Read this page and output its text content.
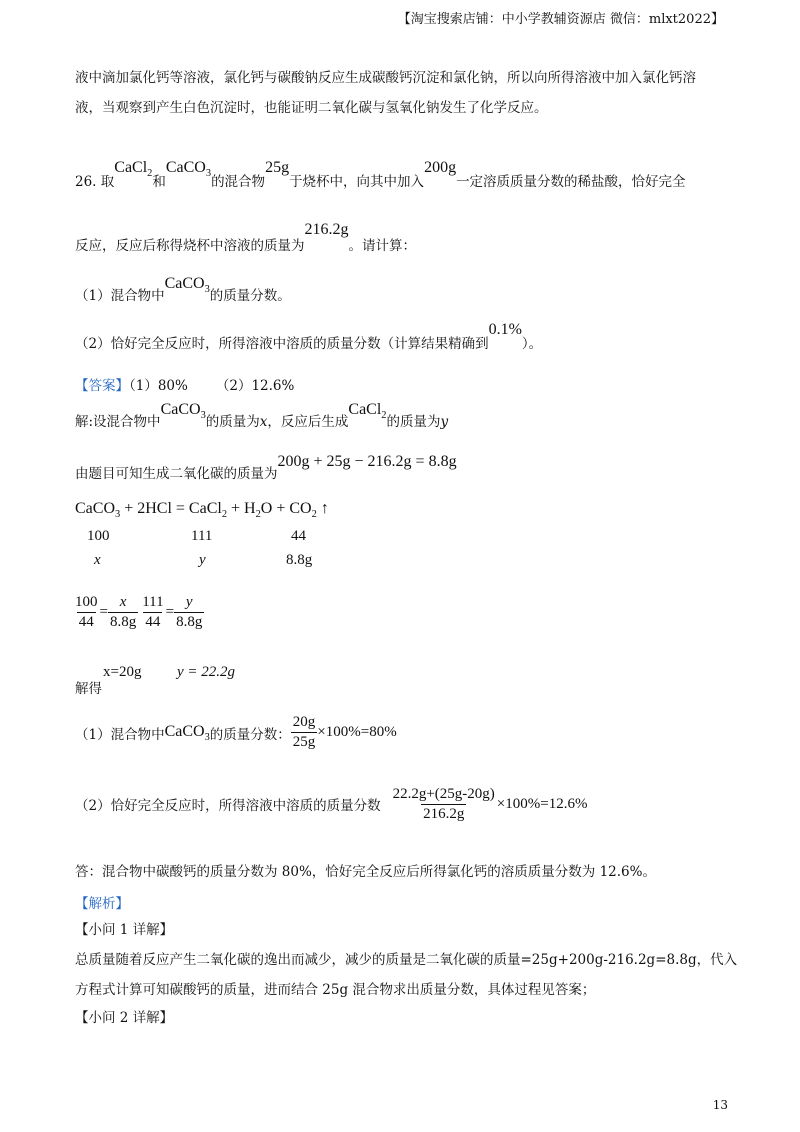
【淘宝搜索店铺：中小学教辅资源店 微信：mlxt2022】
液中滴加氯化钙等溶液，氯化钙与碳酸钠反应生成碳酸钙沉淀和氯化钠，所以向所得溶液中加入氯化钙溶
液，当观察到产生白色沉淀时，也能证明二氧化碳与氢氧化钠发生了化学反应。
26. 取CaCl$_2$和CaCO$_3$的混合物25g于烧杯中，向其中加入200g一定溶质质量分数的稀盐酸，恰好完全
反应，反应后称得烧杯中溶液的质量为216.2g。请计算：
（1）混合物中CaCO$_3$的质量分数。
（2）恰好完全反应时，所得溶液中溶质的质量分数（计算结果精确到0.1%）。
【答案】（1）80% （2）12.6%
解:设混合物中CaCO$_3$的质量为x，反应后生成CaCl$_2$的质量为y
由题目可知生成二氧化碳的质量为200g + 25g − 216.2g = 8.8g
CaCO$_3$ + 2HCl = CaCl$_2$ + $H_2O + CO_2$ ↑
100	111	44
x	y	8.8g
$\frac{100}{44} = \frac{x}{8.8g} \frac{111}{44} = \frac{y}{8.8g}$
解得
x=20g y = 22.2g
（1）混合物中CaCO$_3$的质量分数： $\frac{20g}{25g} \times 100\%=80\%$
（2）恰好完全反应时，所得溶液中溶质的质量分数 $\frac{22.2g+(25g-20g)}{216.2g} \times 100\%=12.6\%$
答：混合物中碳酸钙的质量分数为 80%，恰好完全反应后所得氯化钙的溶质质量分数为 12.6%。
【解析】
【小问 1 详解】
总质量随着反应产生二氧化碳的逸出而减少，减少的质量是二氧化碳的质量=25g+200g-216.2g=8.8g，代入
方程式计算可知碳酸钙的质量，进而结合 25g 混合物求出质量分数，具体过程见答案；
【小问 2 详解】
13
